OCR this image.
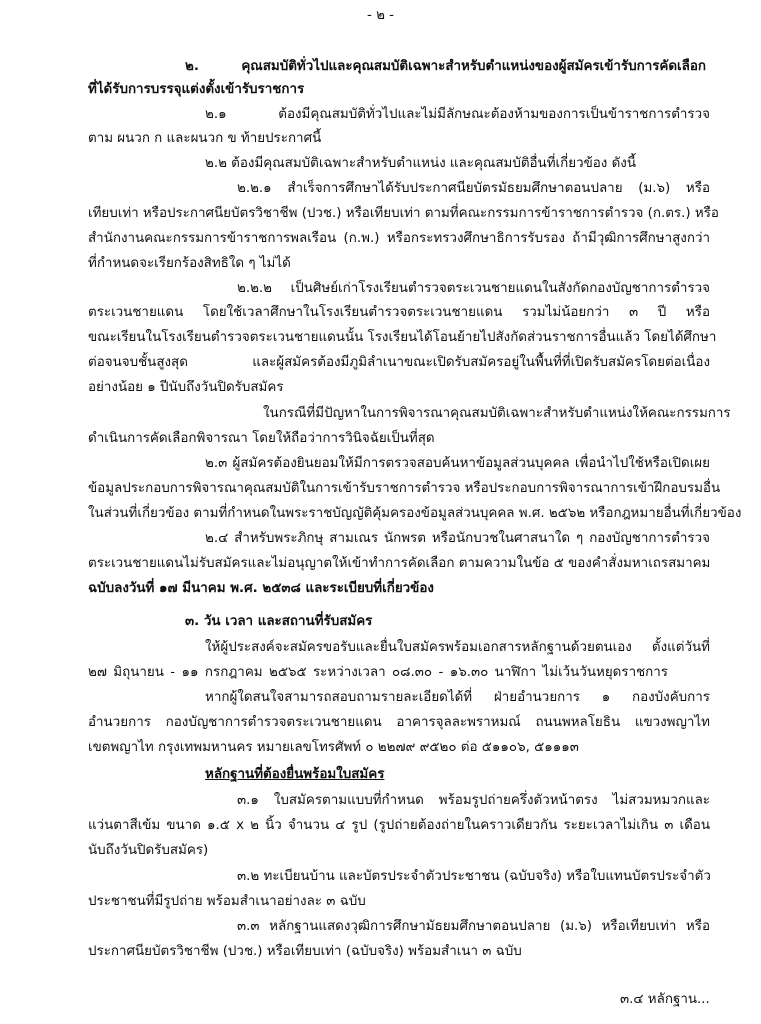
- ๒ -
๒. คุณสมบัติทั่วไปและคุณสมบัติเฉพาะสำหรับตำแหน่งของผู้สมัครเข้ารับการคัดเลือก
ที่ได้รับการบรรจุแต่งตั้งเข้ารับราชการ
๒.๑ ต้องมีคุณสมบัติทั่วไปและไม่มีลักษณะต้องห้ามของการเป็นข้าราชการตำรวจ
ตาม ผนวก ก และผนวก ข ท้ายประกาศนี้
๒.๒ ต้องมีคุณสมบัติเฉพาะสำหรับตำแหน่ง และคุณสมบัติอื่นที่เกี่ยวข้อง ดังนี้
๒.๒.๑ สำเร็จการศึกษาได้รับประกาศนียบัตรมัธยมศึกษาตอนปลาย (ม.๖) หรือ
เทียบเท่า หรือประกาศนียบัตรวิชาชีพ (ปวช.) หรือเทียบเท่า ตามที่คณะกรรมการข้าราชการตำรวจ (ก.ตร.) หรือ
สำนักงานคณะกรรมการข้าราชการพลเรือน (ก.พ.) หรือกระทรวงศึกษาธิการรับรอง ถ้ามีวุฒิการศึกษาสูงกว่า
ที่กำหนดจะเรียกร้องสิทธิใด ๆ ไม่ได้
๒.๒.๒ เป็นศิษย์เก่าโรงเรียนตำรวจตระเวนชายแดนในสังกัดกองบัญชาการตำรวจ
ตระเวนชายแดน โดยใช้เวลาศึกษาในโรงเรียนตำรวจตระเวนชายแดน รวมไม่น้อยกว่า ๓ ปี หรือ
ขณะเรียนในโรงเรียนตำรวจตระเวนชายแดนนั้น โรงเรียนได้โอนย้ายไปสังกัดส่วนราชการอื่นแล้ว โดยได้ศึกษา
ต่อจนจบชั้นสูงสุด และผู้สมัครต้องมีภูมิลำเนาขณะเปิดรับสมัครอยู่ในพื้นที่ที่เปิดรับสมัครโดยต่อเนื่อง
อย่างน้อย ๑ ปีนับถึงวันปิดรับสมัคร
ในกรณีที่มีปัญหาในการพิจารณาคุณสมบัติเฉพาะสำหรับตำแหน่งให้คณะกรรมการ
ดำเนินการคัดเลือกพิจารณา โดยให้ถือว่าการวินิจฉัยเป็นที่สุด
๒.๓ ผู้สมัครต้องยินยอมให้มีการตรวจสอบค้นหาข้อมูลส่วนบุคคล เพื่อนำไปใช้หรือเปิดเผย
ข้อมูลประกอบการพิจารณาคุณสมบัติในการเข้ารับราชการตำรวจ หรือประกอบการพิจารณาการเข้าฝึกอบรมอื่น
ในส่วนที่เกี่ยวข้อง ตามที่กำหนดในพระราชบัญญัติคุ้มครองข้อมูลส่วนบุคคล พ.ศ. ๒๕๖๒ หรือกฎหมายอื่นที่เกี่ยวข้อง
๒.๔ สำหรับพระภิกษุ สามเณร นักพรต หรือนักบวชในศาสนาใด ๆ กองบัญชาการตำรวจ
ตระเวนชายแดนไม่รับสมัครและไม่อนุญาตให้เข้าทำการคัดเลือก ตามความในข้อ ๕ ของคำสั่งมหาเถรสมาคม
ฉบับลงวันที่ ๑๗ มีนาคม พ.ศ. ๒๕๓๘ และระเบียบที่เกี่ยวข้อง
๓. วัน เวลา และสถานที่รับสมัคร
ให้ผู้ประสงค์จะสมัครขอรับและยื่นใบสมัครพร้อมเอกสารหลักฐานด้วยตนเอง ตั้งแต่วันที่
๒๗ มิถุนายน - ๑๑ กรกฎาคม ๒๕๖๕ ระหว่างเวลา ๐๘.๓๐ - ๑๖.๓๐ นาฬิกา ไม่เว้นวันหยุดราชการ
หากผู้ใดสนใจสามารถสอบถามรายละเอียดได้ที่ ฝ่ายอำนวยการ ๑ กองบังคับการ
อำนวยการ กองบัญชาการตำรวจตระเวนชายแดน อาคารจุลละพราหมณ์ ถนนพหลโยธิน แขวงพญาไท
เขตพญาไท กรุงเทพมหานคร หมายเลขโทรศัพท์ ๐ ๒๒๗๙ ๙๕๒๐ ต่อ ๕๑๑๐๖, ๕๑๑๑๓
หลักฐานที่ต้องยื่นพร้อมใบสมัคร
๓.๑ ใบสมัครตามแบบที่กำหนด พร้อมรูปถ่ายครึ่งตัวหน้าตรง ไม่สวมหมวกและ
แว่นตาสีเข้ม ขนาด ๑.๕ x ๒ นิ้ว จำนวน ๔ รูป (รูปถ่ายต้องถ่ายในคราวเดียวกัน ระยะเวลาไม่เกิน ๓ เดือน
นับถึงวันปิดรับสมัคร)
๓.๒ ทะเบียนบ้าน และบัตรประจำตัวประชาชน (ฉบับจริง) หรือใบแทนบัตรประจำตัว
ประชาชนที่มีรูปถ่าย พร้อมสำเนาอย่างละ ๓ ฉบับ
๓.๓ หลักฐานแสดงวุฒิการศึกษามัธยมศึกษาตอนปลาย (ม.๖) หรือเทียบเท่า หรือ
ประกาศนียบัตรวิชาชีพ (ปวช.) หรือเทียบเท่า (ฉบับจริง) พร้อมสำเนา ๓ ฉบับ
๓.๔ หลักฐาน...
